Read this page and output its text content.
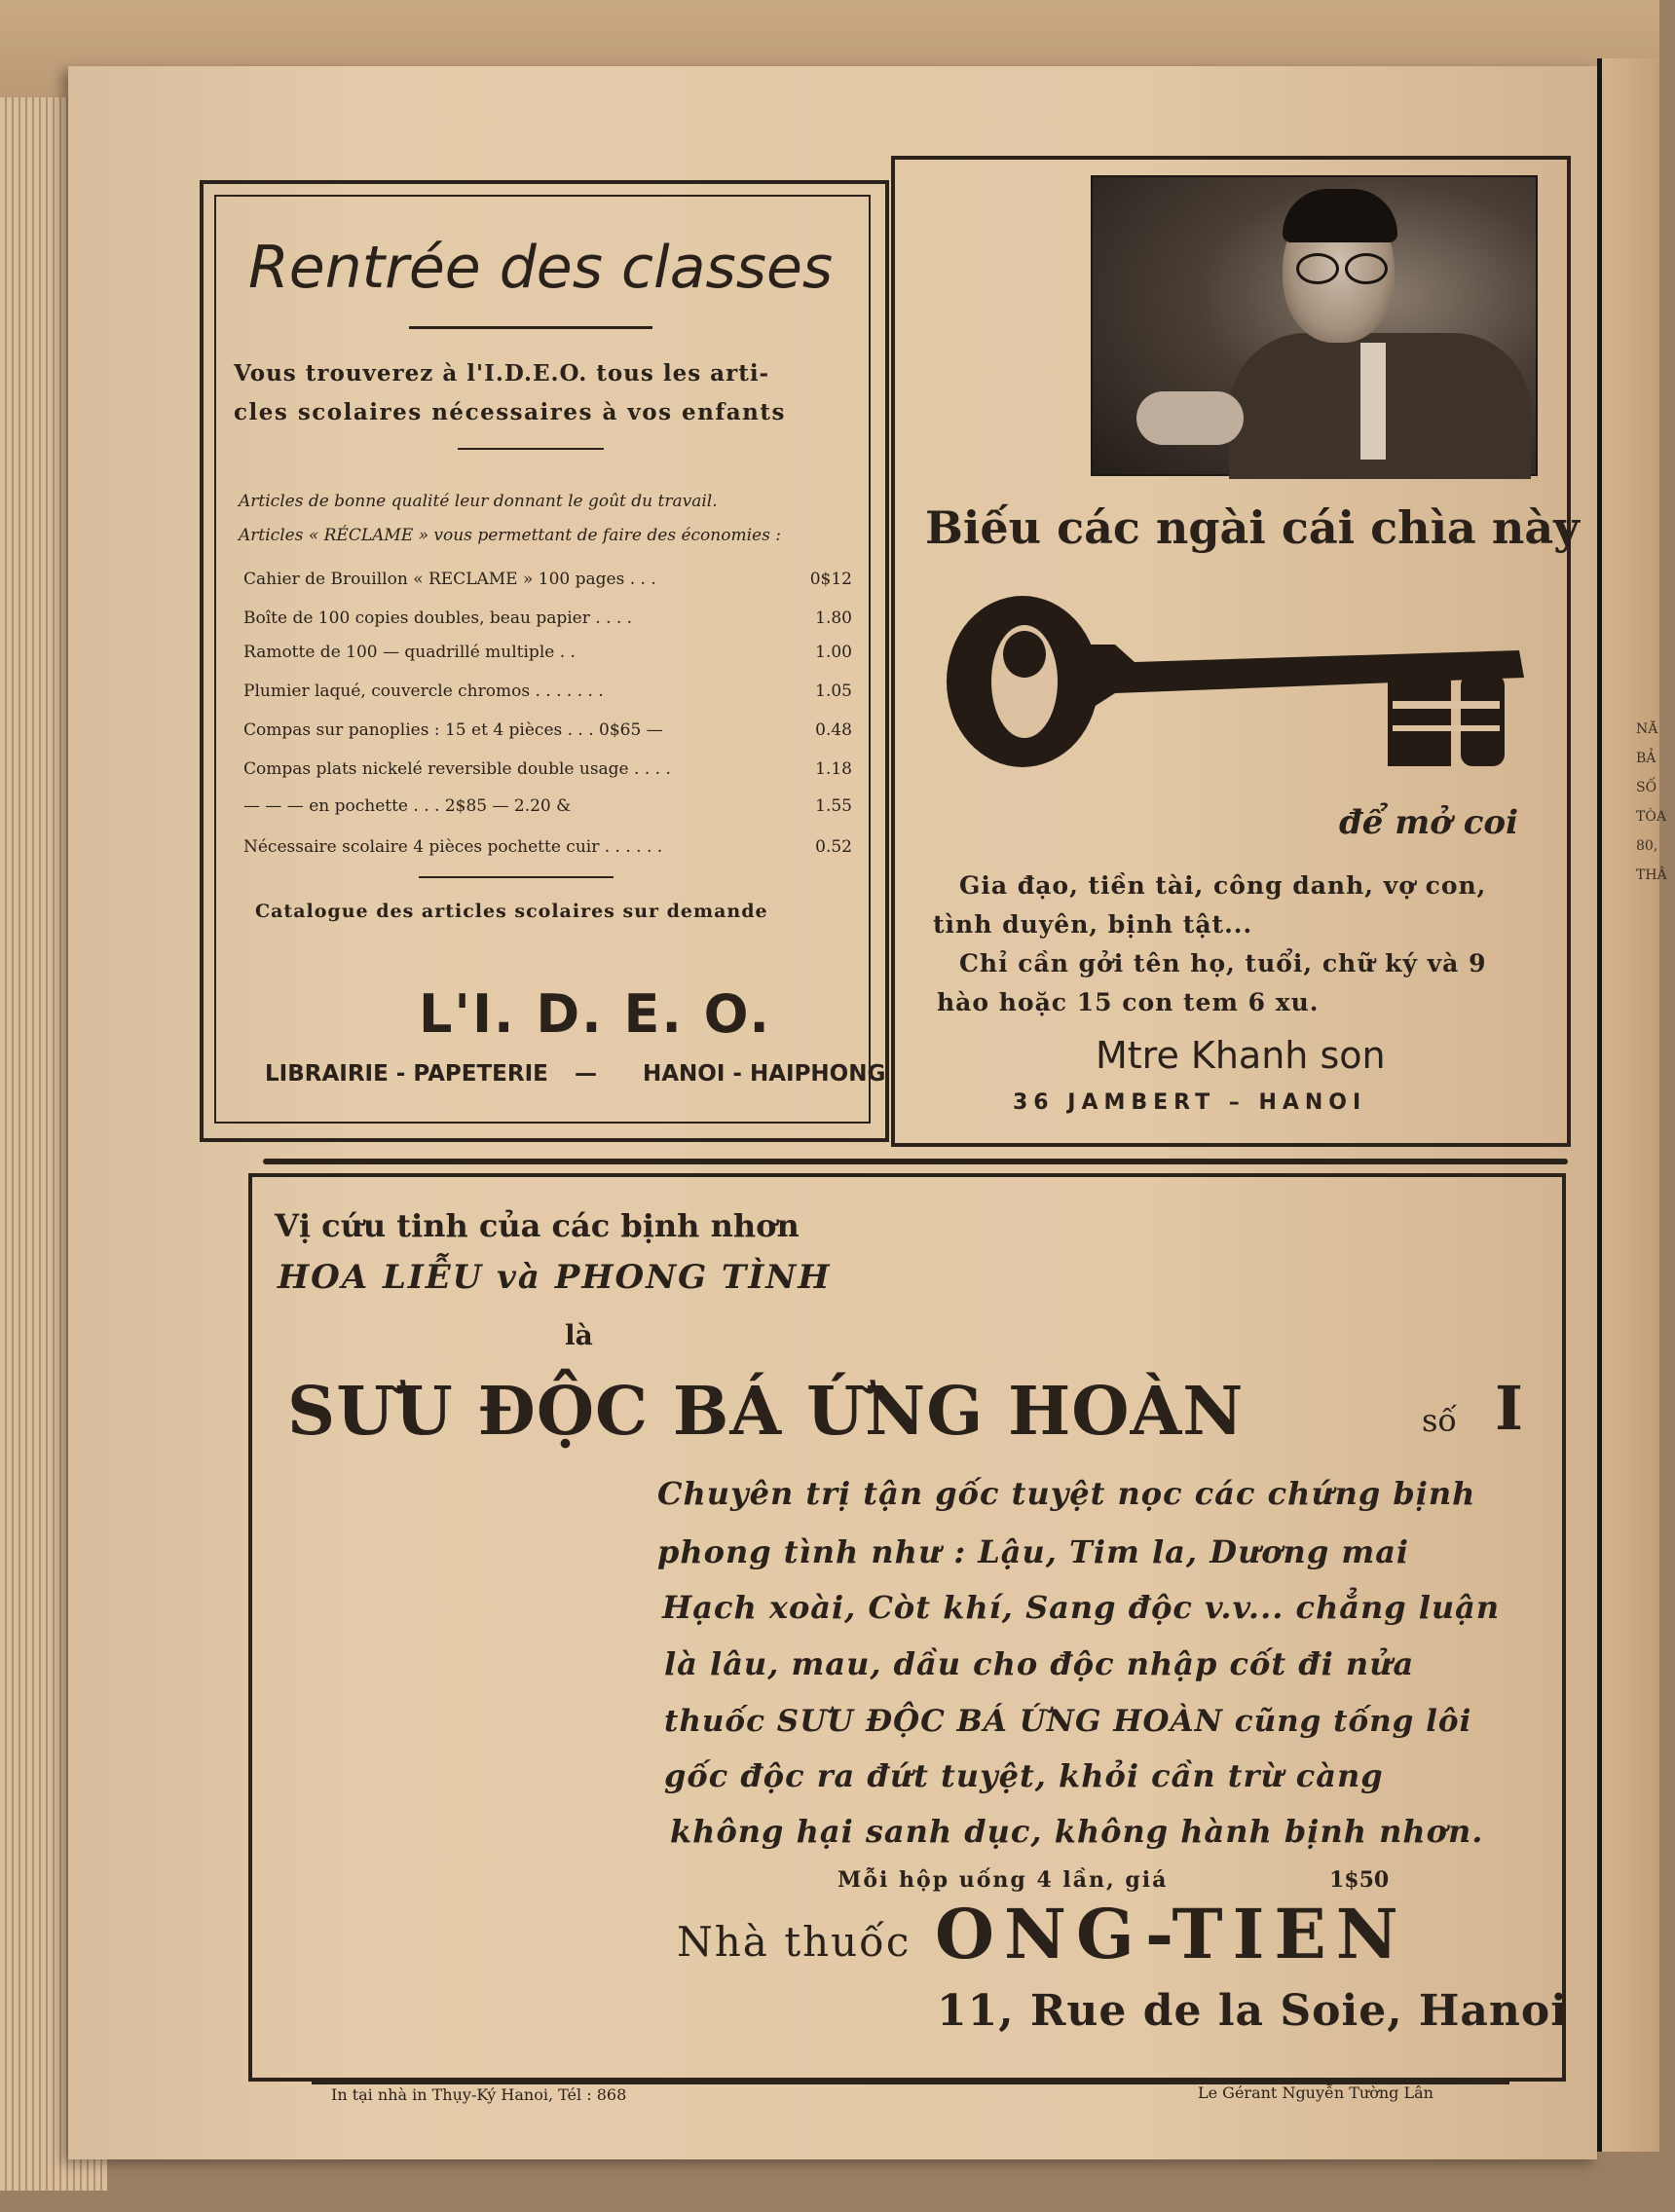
NĂ
BẢ
SỐ
TÒA
80,
THÂ
Rentrée des classes
Vous trouverez à l'I.D.E.O. tous les arti-
cles scolaires nécessaires à vos enfants
Articles de bonne qualité leur donnant le goût du travail.
Articles « RÉCLAME » vous permettant de faire des économies :
Cahier de Brouillon « RECLAME » 100 pages . . .	0$12
Boîte de 100 copies doubles, beau papier . . . .	1.80
Ramotte de 100 — quadrillé multiple . .	1.00
Plumier laqué, couvercle chromos . . . . . . .	1.05
Compas sur panoplies : 15 et 4 pièces . . . 0$65 —	0.48
Compas plats nickelé reversible double usage . . . .	1.18
— — — en pochette . . . 2$85 — 2.20 &	1.55
Nécessaire scolaire 4 pièces pochette cuir . . . . . .	0.52
Catalogue des articles scolaires sur demande
L'I. D. E. O.
LIBRAIRIE - PAPETERIE — HANOI - HAIPHONG
Biếu các ngài cái chìa này
để mở coi
Gia đạo, tiền tài, công danh, vợ con,
tình duyên, bịnh tật...
Chỉ cần gởi tên họ, tuổi, chữ ký và 9
hào hoặc 15 con tem 6 xu.
Mtre Khanh son
36 JAMBERT – HANOI
Vị cứu tinh của các bịnh nhơn
HOA LIỄU và PHONG TÌNH
là
SƯU ĐỘC BÁ ỨNG HOÀN	số I
Chuyên trị tận gốc tuyệt nọc các chứng bịnh
phong tình như : Lậu, Tim la, Dương mai
Hạch xoài, Còt khí, Sang độc v.v... chẳng luận
là lâu, mau, dầu cho độc nhập cốt đi nửa
thuốc SƯU ĐỘC BÁ ỨNG HOÀN cũng tống lôi
gốc độc ra đứt tuyệt, khỏi cần trừ càng
không hại sanh dục, không hành bịnh nhơn.
Mỗi hộp uống 4 lần, giá	1$50
Nhà thuốc ONG-TIEN
11, Rue de la Soie, Hanoi
In tại nhà in Thụy-Ký Hanoi, Tél : 868	Le Gérant Nguyễn Tường Lân
